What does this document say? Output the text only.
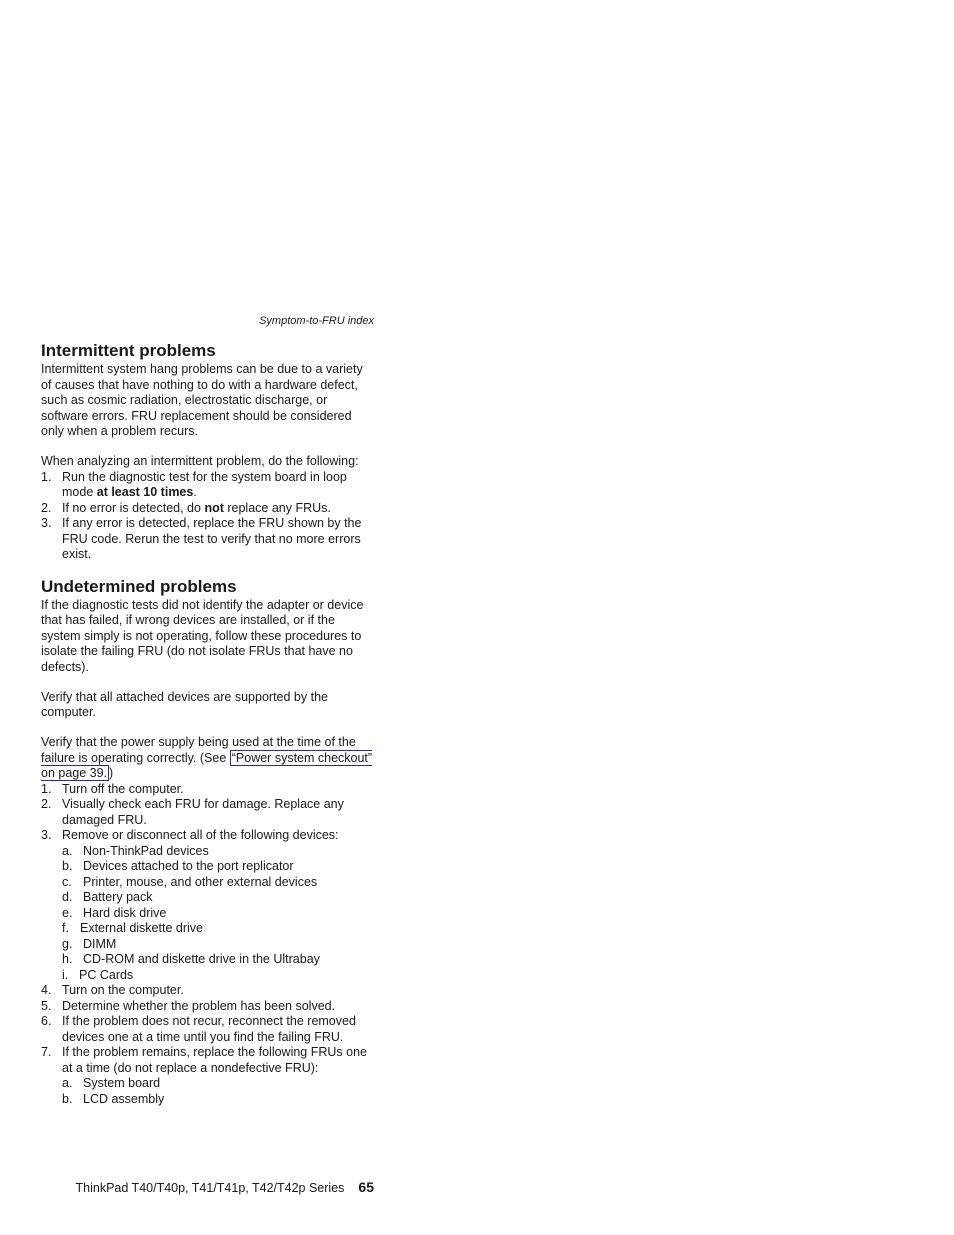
Symptom-to-FRU index
Intermittent problems

Intermittent system hang problems can be due to a variety of causes that have nothing to do with a hardware defect, such as cosmic radiation, electrostatic discharge, or software errors. FRU replacement should be considered only when a problem recurs.

When analyzing an intermittent problem, do the following:

1. Run the diagnostic test for the system board in loop mode at least 10 times.
2. If no error is detected, do not replace any FRUs.
3. If any error is detected, replace the FRU shown by the FRU code. Rerun the test to verify that no more errors exist.
Undetermined problems

If the diagnostic tests did not identify the adapter or device that has failed, if wrong devices are installed, or if the system simply is not operating, follow these procedures to isolate the failing FRU (do not isolate FRUs that have no defects).

Verify that all attached devices are supported by the computer.

Verify that the power supply being used at the time of the failure is operating correctly. (See “Power system checkout” on page 39. )

1. Turn off the computer.
2. Visually check each FRU for damage. Replace any damaged FRU.
3. Remove or disconnect all of the following devices:
a. Non-ThinkPad devices
b. Devices attached to the port replicator
c. Printer, mouse, and other external devices
d. Battery pack
e. Hard disk drive
f. External diskette drive
g. DIMM
h. CD-ROM and diskette drive in the Ultrabay
i. PC Cards
4. Turn on the computer.
5. Determine whether the problem has been solved.
6. If the problem does not recur, reconnect the removed devices one at a time until you find the failing FRU.
7. If the problem remains, replace the following FRUs one at a time (do not replace a nondefective FRU):
a. System board
b. LCD assembly
ThinkPad T40/T40p, T41/T41p, T42/T42p Series 65
